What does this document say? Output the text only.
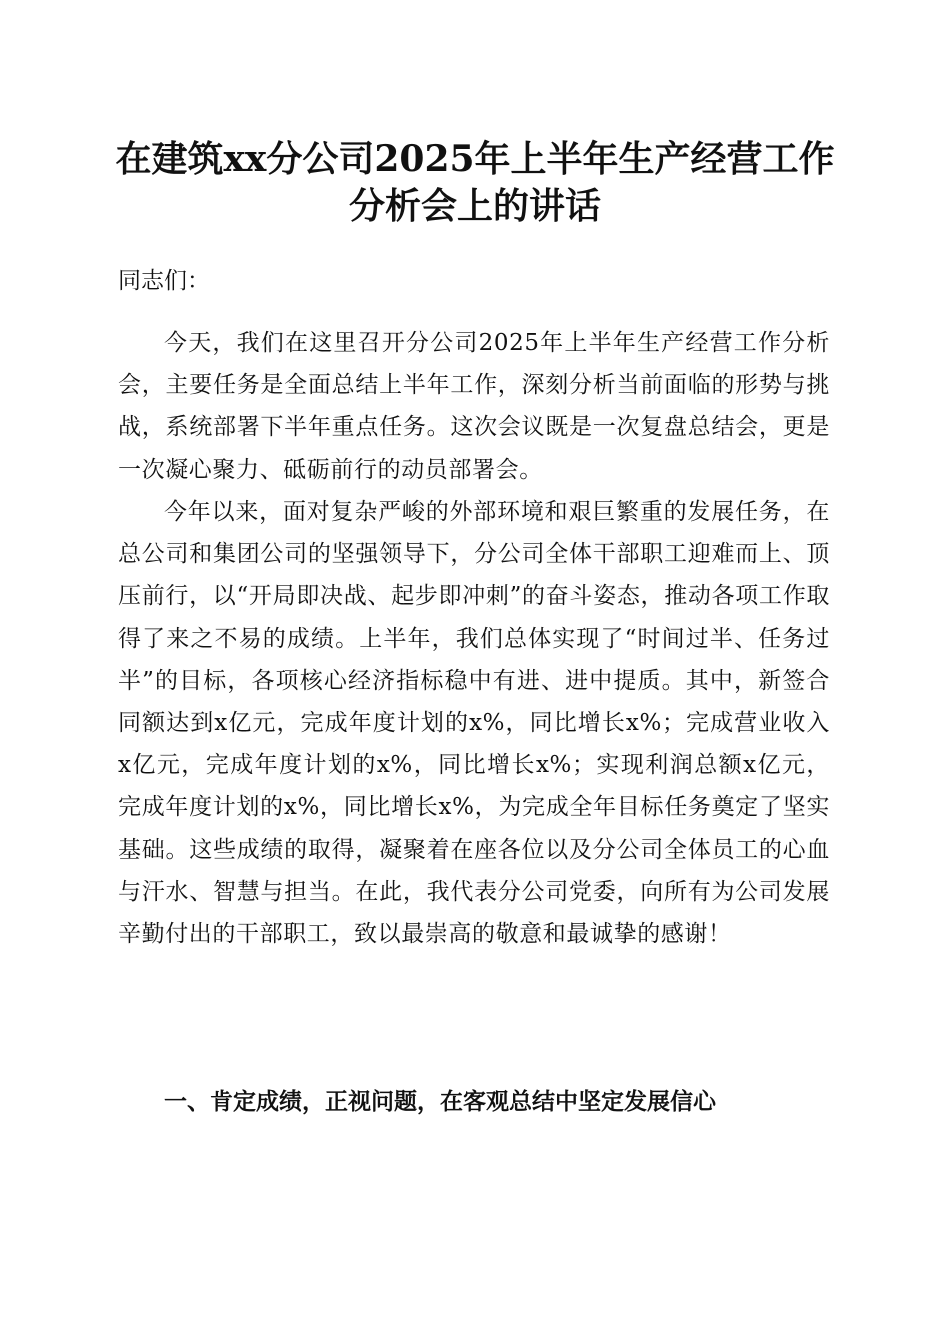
在建筑xx分公司2025年上半年生产经营工作
分析会上的讲话

同志们：

今天，我们在这里召开分公司2025年上半年生产经营工作分析会，主要任务是全面总结上半年工作，深刻分析当前面临的形势与挑战，系统部署下半年重点任务。这次会议既是一次复盘总结会，更是一次凝心聚力、砥砺前行的动员部署会。

今年以来，面对复杂严峻的外部环境和艰巨繁重的发展任务，在总公司和集团公司的坚强领导下，分公司全体干部职工迎难而上、顶压前行，以“开局即决战、起步即冲刺”的奋斗姿态，推动各项工作取得了来之不易的成绩。上半年，我们总体实现了“时间过半、任务过半”的目标，各项核心经济指标稳中有进、进中提质。其中，新签合同额达到x亿元，完成年度计划的x%，同比增长x%；完成营业收入x亿元，完成年度计划的x%，同比增长x%；实现利润总额x亿元，完成年度计划的x%，同比增长x%，为完成全年目标任务奠定了坚实基础。这些成绩的取得，凝聚着在座各位以及分公司全体员工的心血与汗水、智慧与担当。在此，我代表分公司党委，向所有为公司发展辛勤付出的干部职工，致以最崇高的敬意和最诚挚的感谢！

一、肯定成绩，正视问题，在客观总结中坚定发展信心
